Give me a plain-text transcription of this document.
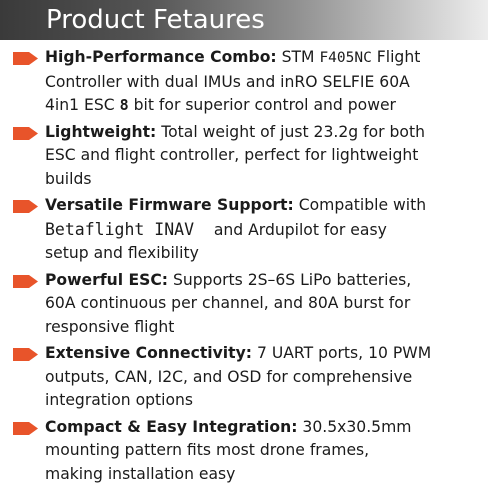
Product Fetaures

High-Performance Combo: STM F405NC Flight

Controller with dual IMUs and inRO SELFIE 60A

4in1 ESC 8 bit for superior control and power

Lightweight: Total weight of just 23.2g for both

ESC and flight controller, perfect for lightweight

builds

Versatile Firmware Support: Compatible with

Betaflight INAV    and Ardupilot for easy

setup and flexibility

Powerful ESC: Supports 2S–6S LiPo batteries,

60A continuous per channel, and 80A burst for

responsive flight

Extensive Connectivity: 7 UART ports, 10 PWM

outputs, CAN, I2C, and OSD for comprehensive

integration options

Compact & Easy Integration: 30.5x30.5mm

mounting pattern fits most drone frames,

making installation easy
